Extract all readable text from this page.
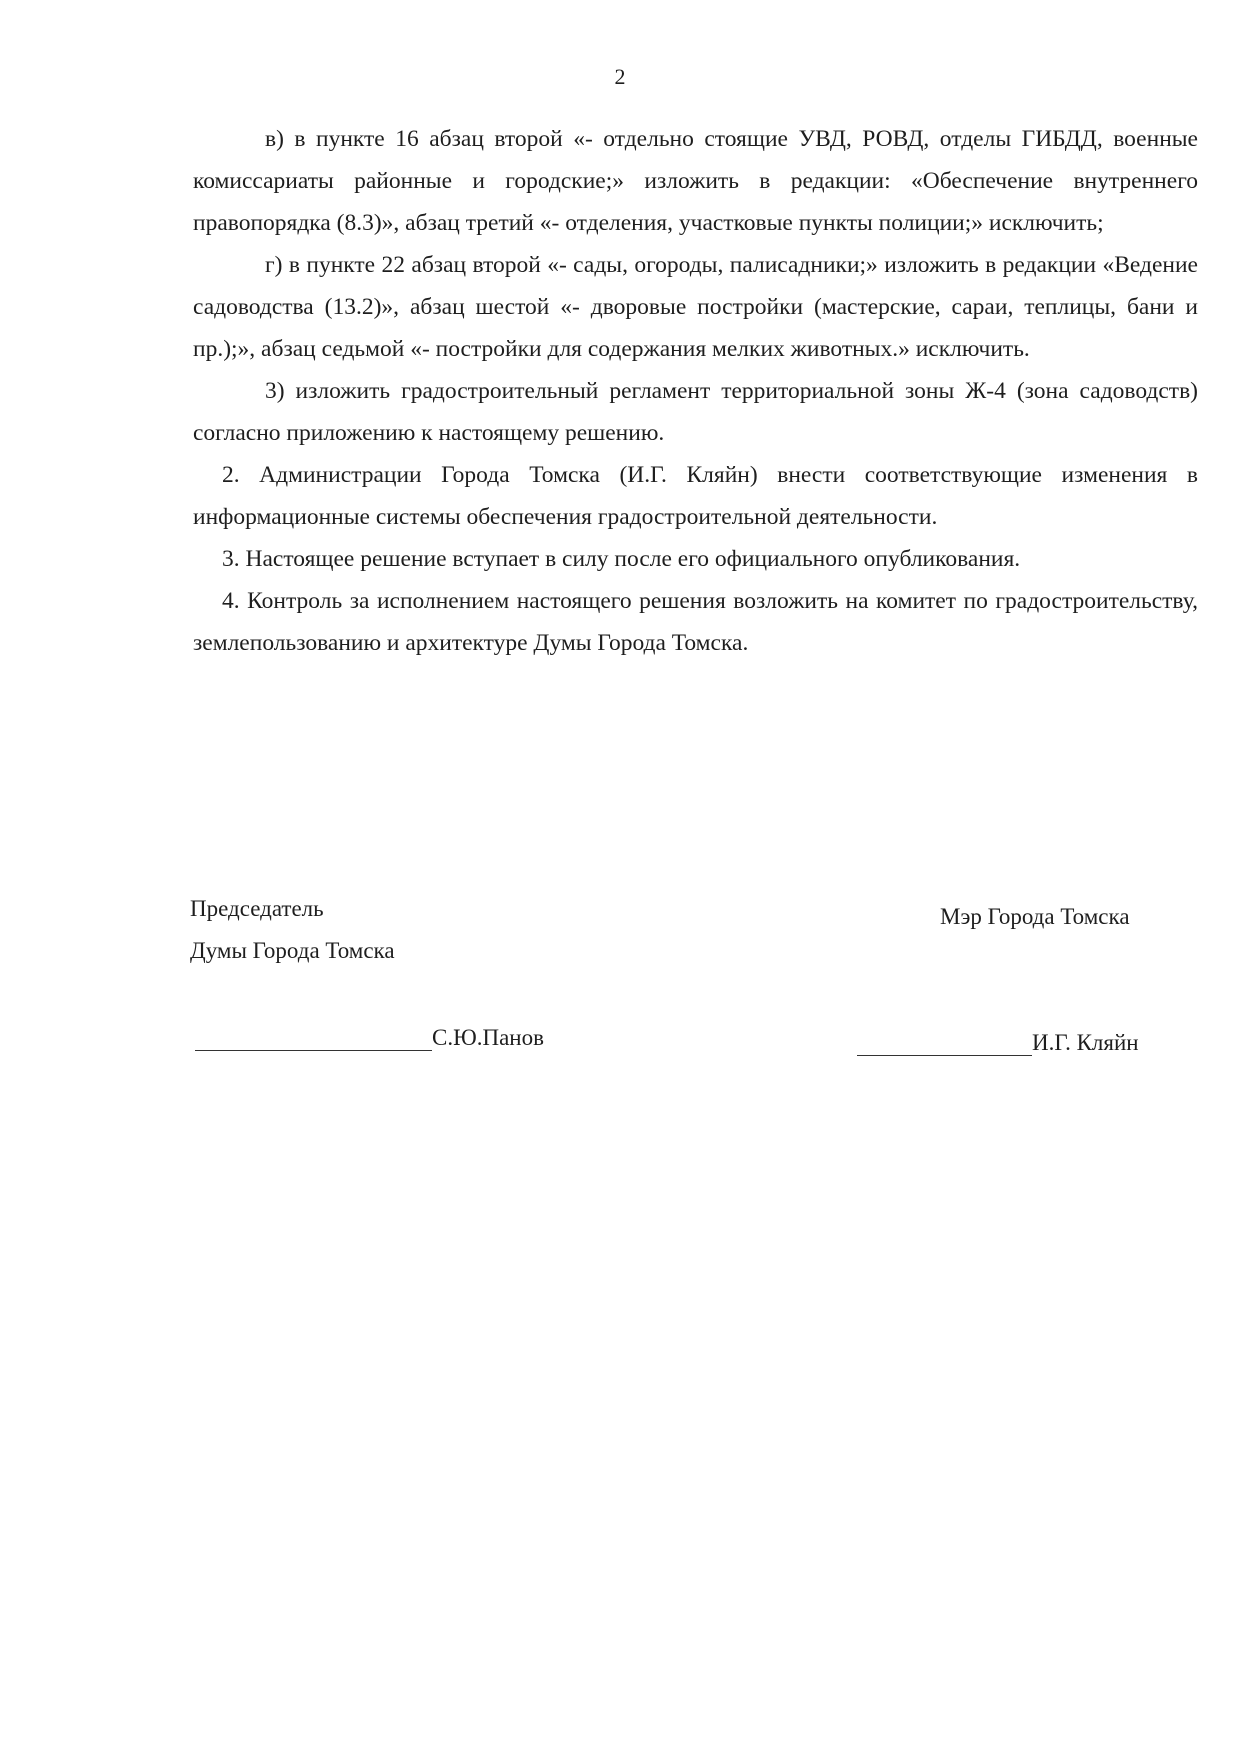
2

в) в пункте 16 абзац второй «- отдельно стоящие УВД, РОВД, отделы ГИБДД, военные комиссариаты районные и городские;» изложить в редакции: «Обеспечение внутреннего правопорядка (8.3)», абзац третий «- отделения, участковые пункты полиции;» исключить;

г) в пункте 22 абзац второй «- сады, огороды, палисадники;» изложить в редакции «Ведение садоводства (13.2)», абзац шестой «- дворовые постройки (мастерские, сараи, теплицы, бани и пр.);», абзац седьмой «- постройки для содержания мелких животных.» исключить.

3) изложить градостроительный регламент территориальной зоны Ж-4 (зона садоводств) согласно приложению к настоящему решению.

2. Администрации Города Томска (И.Г. Кляйн) внести соответствующие изменения в информационные системы обеспечения градостроительной деятельности.

3. Настоящее решение вступает в силу после его официального опубликования.

4. Контроль за исполнением настоящего решения возложить на комитет по градостроительству, землепользованию и архитектуре Думы Города Томска.

Председатель
Думы Города Томска
Мэр Города Томска
С.Ю.Панов	И.Г. Кляйн
